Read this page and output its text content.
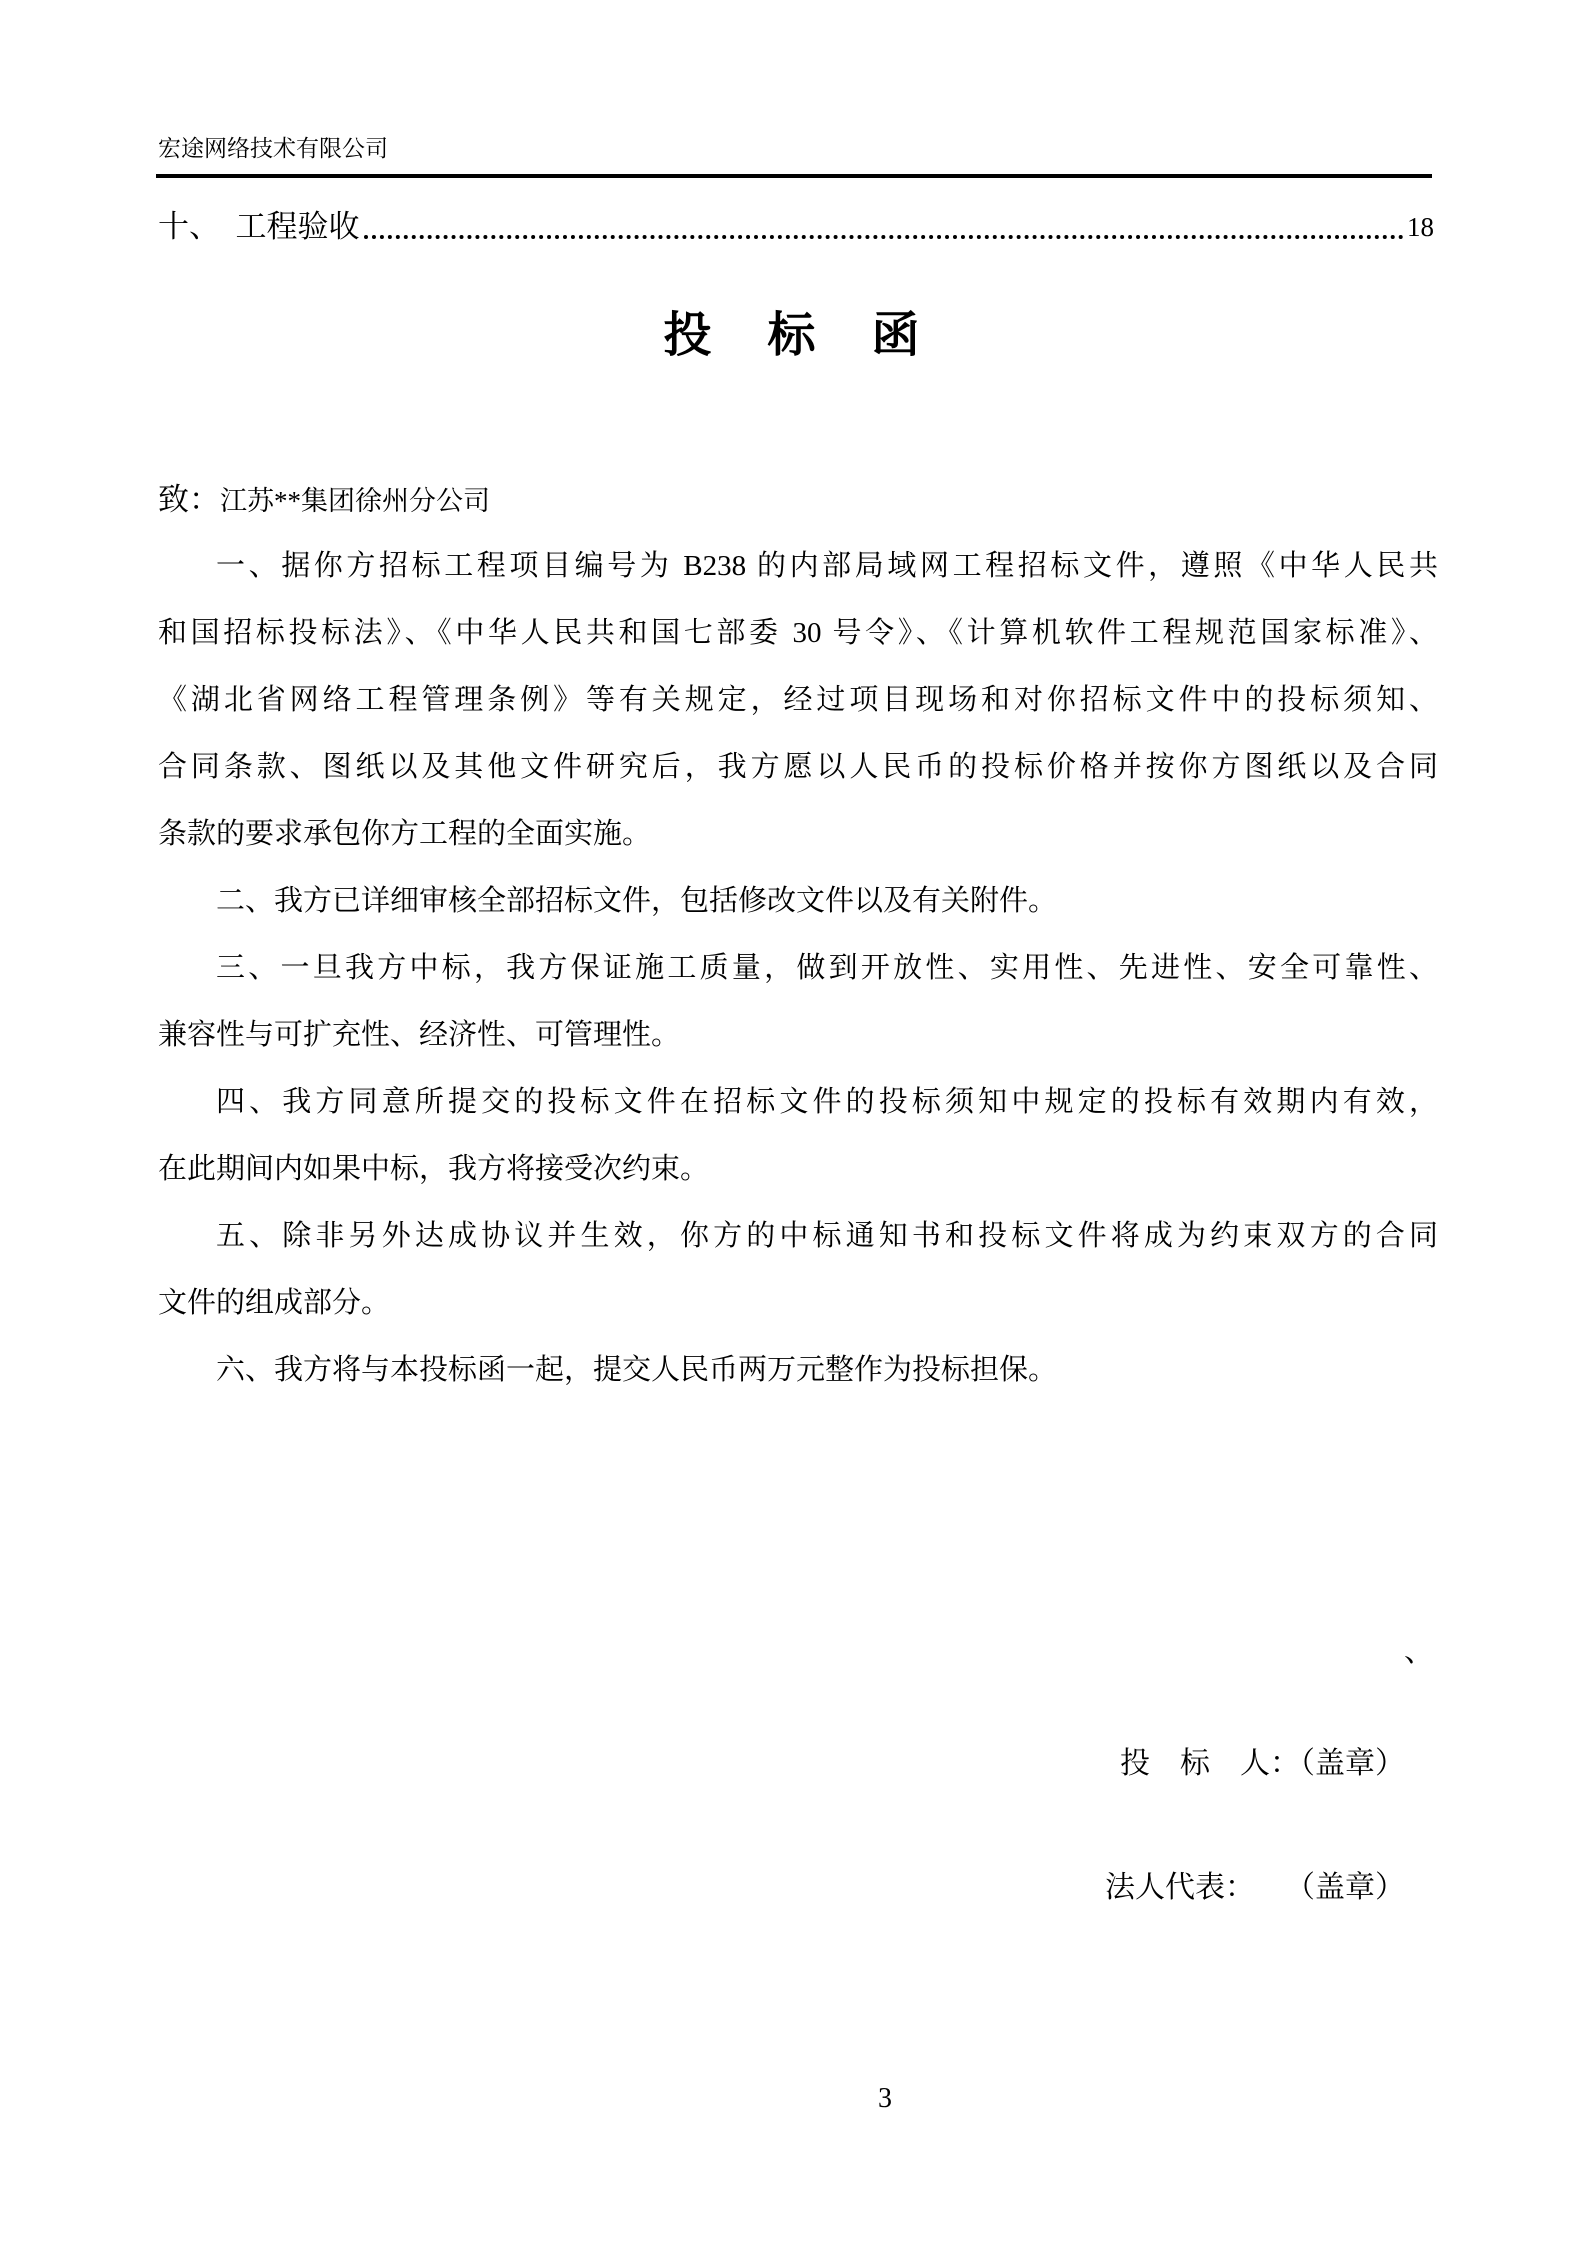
宏途网络技术有限公司
十、　工程验收	18
投　标　函
致：江苏**集团徐州分公司
一、据你方招标工程项目编号为 B238 的内部局域网工程招标文件，遵照《中华人民共
和国招标投标法》、《中华人民共和国七部委 30 号令》、《计算机软件工程规范国家标准》、
《湖北省网络工程管理条例》等有关规定，经过项目现场和对你招标文件中的投标须知、
合同条款、图纸以及其他文件研究后，我方愿以人民币的投标价格并按你方图纸以及合同
条款的要求承包你方工程的全面实施。
二、我方已详细审核全部招标文件，包括修改文件以及有关附件。
三、一旦我方中标，我方保证施工质量，做到开放性、实用性、先进性、安全可靠性、
兼容性与可扩充性、经济性、可管理性。
四、我方同意所提交的投标文件在招标文件的投标须知中规定的投标有效期内有效，
在此期间内如果中标，我方将接受次约束。
五、除非另外达成协议并生效，你方的中标通知书和投标文件将成为约束双方的合同
文件的组成部分。
六、我方将与本投标函一起，提交人民币两万元整作为投标担保。
、
投　标　人：（盖章）
法人代表：　　（盖章）
3
